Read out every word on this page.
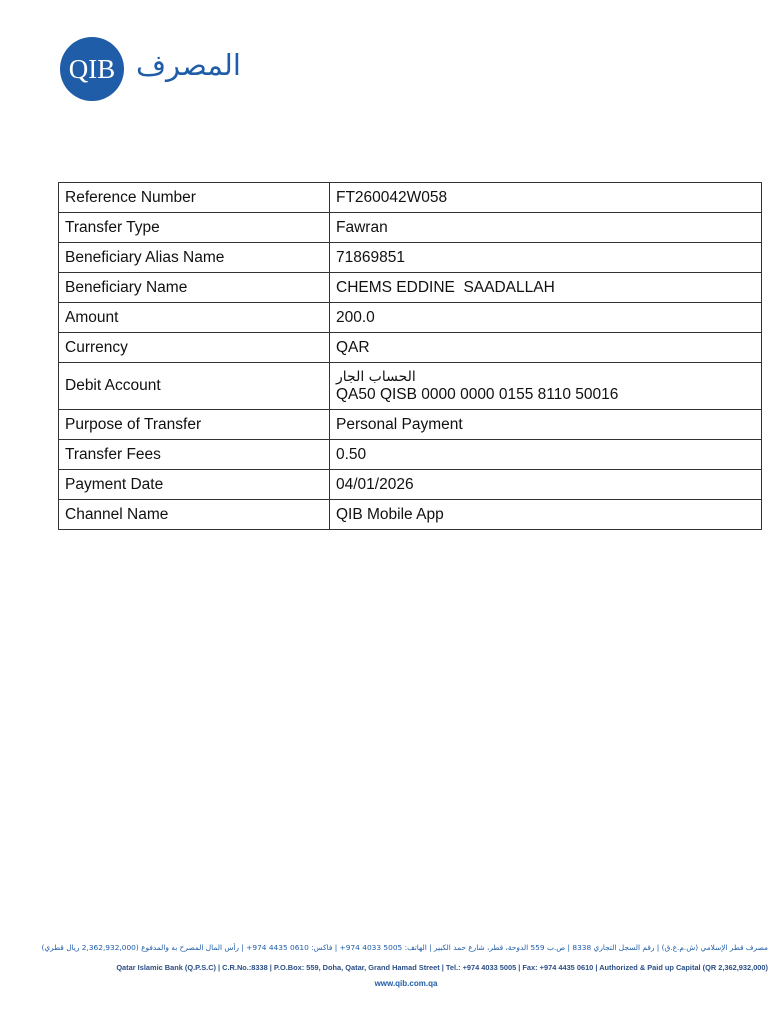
QIB المصرف
Reference Number	FT260042W058
Transfer Type	Fawran
Beneficiary Alias Name	71869851
Beneficiary Name	CHEMS EDDINE  SAADALLAH
Amount	200.0
Currency	QAR
Debit Account	الحساب الجار
QA50 QISB 0000 0000 0155 8110 50016

Purpose of Transfer	Personal Payment
Transfer Fees	0.50
Payment Date	04/01/2026
Channel Name	QIB Mobile App
مصرف قطر الإسلامي (ش.م.ع.ق) | رقم السجل التجاري 8338 | ص.ب 559 الدوحة، قطر، شارع حمد الكبير | الهاتف: 5005 4033 974+ | فاكس: 0610 4435 974+ | رأس المال المصرح به والمدفوع (2,362,932,000 ريال قطري)
Qatar Islamic Bank (Q.P.S.C) | C.R.No.:8338 | P.O.Box: 559, Doha, Qatar, Grand Hamad Street | Tel.: +974 4033 5005 | Fax: +974 4435 0610 | Authorized & Paid up Capital (QR 2,362,932,000)
www.qib.com.qa
